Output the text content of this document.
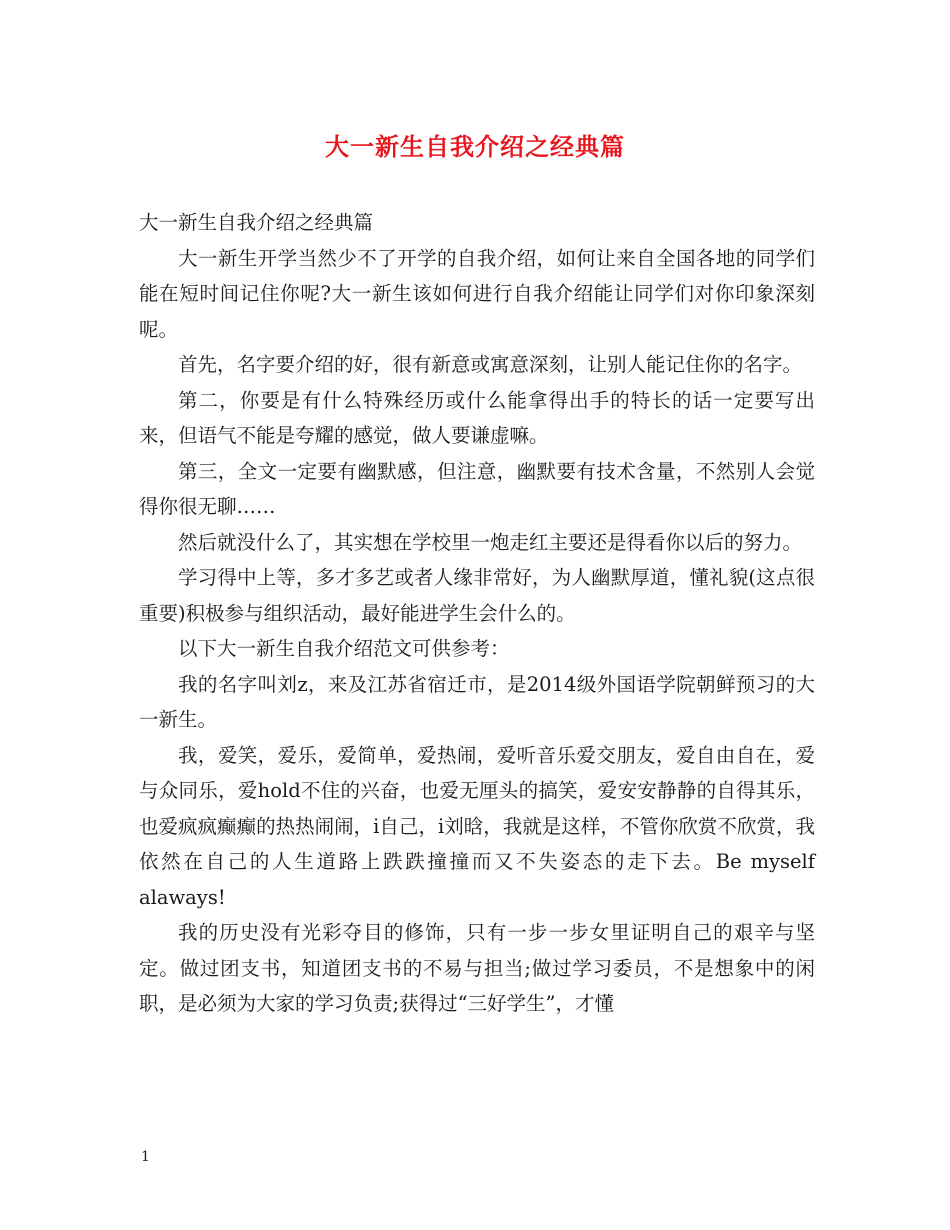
大一新生自我介绍之经典篇

大一新生自我介绍之经典篇

大一新生开学当然少不了开学的自我介绍，如何让来自全国各地的同学们能在短时间记住你呢?大一新生该如何进行自我介绍能让同学们对你印象深刻呢。

首先，名字要介绍的好，很有新意或寓意深刻，让别人能记住你的名字。

第二，你要是有什么特殊经历或什么能拿得出手的特长的话一定要写出来，但语气不能是夸耀的感觉，做人要谦虚嘛。

第三，全文一定要有幽默感，但注意，幽默要有技术含量，不然别人会觉得你很无聊……

然后就没什么了，其实想在学校里一炮走红主要还是得看你以后的努力。

学习得中上等，多才多艺或者人缘非常好，为人幽默厚道，懂礼貌(这点很重要)积极参与组织活动，最好能进学生会什么的。

以下大一新生自我介绍范文可供参考：

我的名字叫刘z，来及江苏省宿迁市，是2014级外国语学院朝鲜预习的大一新生。

我，爱笑，爱乐，爱简单，爱热闹，爱听音乐爱交朋友，爱自由自在，爱与众同乐，爱hold不住的兴奋，也爱无厘头的搞笑，爱安安静静的自得其乐，也爱疯疯癫癫的热热闹闹，i自己，i刘晗，我就是这样，不管你欣赏不欣赏，我依然在自己的人生道路上跌跌撞撞而又不失姿态的走下去。Be myself alaways!

我的历史没有光彩夺目的修饰，只有一步一步女里证明自己的艰辛与坚定。做过团支书，知道团支书的不易与担当;做过学习委员，不是想象中的闲职，是必须为大家的学习负责;获得过“三好学生”，才懂

1
